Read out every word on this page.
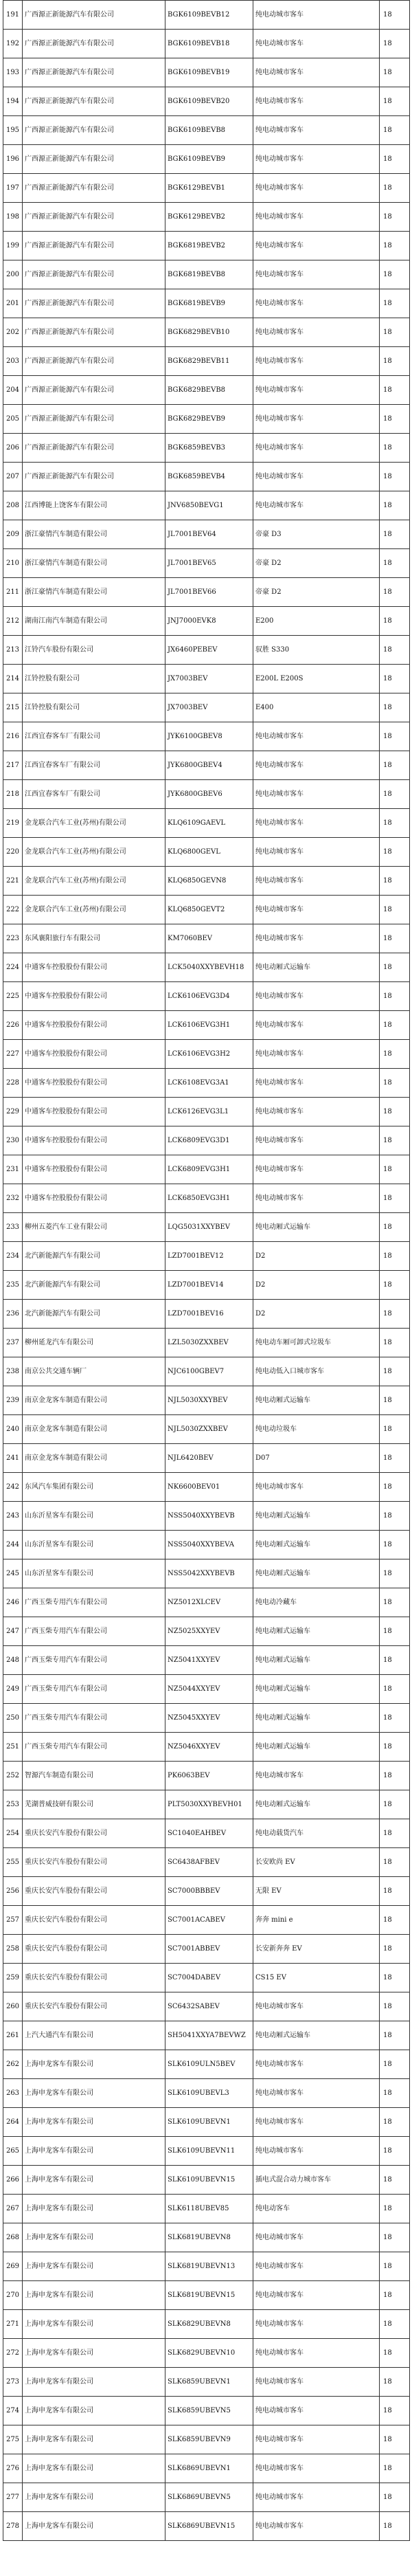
191	广西源正新能源汽车有限公司	BGK6109BEVB12	纯电动城市客车	18
192	广西源正新能源汽车有限公司	BGK6109BEVB18	纯电动城市客车	18
193	广西源正新能源汽车有限公司	BGK6109BEVB19	纯电动城市客车	18
194	广西源正新能源汽车有限公司	BGK6109BEVB20	纯电动城市客车	18
195	广西源正新能源汽车有限公司	BGK6109BEVB8	纯电动城市客车	18
196	广西源正新能源汽车有限公司	BGK6109BEVB9	纯电动城市客车	18
197	广西源正新能源汽车有限公司	BGK6129BEVB1	纯电动城市客车	18
198	广西源正新能源汽车有限公司	BGK6129BEVB2	纯电动城市客车	18
199	广西源正新能源汽车有限公司	BGK6819BEVB2	纯电动城市客车	18
200	广西源正新能源汽车有限公司	BGK6819BEVB8	纯电动城市客车	18
201	广西源正新能源汽车有限公司	BGK6819BEVB9	纯电动城市客车	18
202	广西源正新能源汽车有限公司	BGK6829BEVB10	纯电动城市客车	18
203	广西源正新能源汽车有限公司	BGK6829BEVB11	纯电动城市客车	18
204	广西源正新能源汽车有限公司	BGK6829BEVB8	纯电动城市客车	18
205	广西源正新能源汽车有限公司	BGK6829BEVB9	纯电动城市客车	18
206	广西源正新能源汽车有限公司	BGK6859BEVB3	纯电动城市客车	18
207	广西源正新能源汽车有限公司	BGK6859BEVB4	纯电动城市客车	18
208	江西博能上饶客车有限公司	JNV6850BEVG1	纯电动城市客车	18
209	浙江豪情汽车制造有限公司	JL7001BEV64	帝豪 D3	18
210	浙江豪情汽车制造有限公司	JL7001BEV65	帝豪 D2	18
211	浙江豪情汽车制造有限公司	JL7001BEV66	帝豪 D2	18
212	湖南江南汽车制造有限公司	JNJ7000EVK8	E200	18
213	江铃汽车股份有限公司	JX6460PEBEV	驭胜 S330	18
214	江铃控股有限公司	JX7003BEV	E200L E200S	18
215	江铃控股有限公司	JX7003BEV	E400	18
216	江西宜春客车厂有限公司	JYK6100GBEV8	纯电动城市客车	18
217	江西宜春客车厂有限公司	JYK6800GBEV4	纯电动城市客车	18
218	江西宜春客车厂有限公司	JYK6800GBEV6	纯电动城市客车	18
219	金龙联合汽车工业(苏州)有限公司	KLQ6109GAEVL	纯电动城市客车	18
220	金龙联合汽车工业(苏州)有限公司	KLQ6800GEVL	纯电动城市客车	18
221	金龙联合汽车工业(苏州)有限公司	KLQ6850GEVN8	纯电动城市客车	18
222	金龙联合汽车工业(苏州)有限公司	KLQ6850GEVT2	纯电动城市客车	18
223	东风襄阳旅行车有限公司	KM7060BEV	纯电动城市客车	18
224	中通客车控股股份有限公司	LCK5040XXYBEVH18	纯电动厢式运输车	18
225	中通客车控股股份有限公司	LCK6106EVG3D4	纯电动城市客车	18
226	中通客车控股股份有限公司	LCK6106EVG3H1	纯电动城市客车	18
227	中通客车控股股份有限公司	LCK6106EVG3H2	纯电动城市客车	18
228	中通客车控股股份有限公司	LCK6108EVG3A1	纯电动城市客车	18
229	中通客车控股股份有限公司	LCK6126EVG3L1	纯电动城市客车	18
230	中通客车控股股份有限公司	LCK6809EVG3D1	纯电动城市客车	18
231	中通客车控股股份有限公司	LCK6809EVG3H1	纯电动城市客车	18
232	中通客车控股股份有限公司	LCK6850EVG3H1	纯电动城市客车	18
233	柳州五菱汽车工业有限公司	LQG5031XXYBEV	纯电动厢式运输车	18
234	北汽新能源汽车有限公司	LZD7001BEV12	D2	18
235	北汽新能源汽车有限公司	LZD7001BEV14	D2	18
236	北汽新能源汽车有限公司	LZD7001BEV16	D2	18
237	柳州延龙汽车有限公司	LZL5030ZXXBEV	纯电动车厢可卸式垃圾车	18
238	南京公共交通车辆厂	NJC6100GBEV7	纯电动低入口城市客车	18
239	南京金龙客车制造有限公司	NJL5030XXYBEV	纯电动厢式运输车	18
240	南京金龙客车制造有限公司	NJL5030ZXXBEV	纯电动垃圾车	18
241	南京金龙客车制造有限公司	NJL6420BEV	D07	18
242	东风汽车集团有限公司	NK6600BEV01	纯电动城市客车	18
243	山东沂星客车有限公司	NSS5040XXYBEVB	纯电动厢式运输车	18
244	山东沂星客车有限公司	NSS5040XXYBEVA	纯电动厢式运输车	18
245	山东沂星客车有限公司	NSS5042XXYBEVB	纯电动厢式运输车	18
246	广西玉柴专用汽车有限公司	NZ5012XLCEV	纯电动冷藏车	18
247	广西玉柴专用汽车有限公司	NZ5025XXYEV	纯电动厢式运输车	18
248	广西玉柴专用汽车有限公司	NZ5041XXYEV	纯电动厢式运输车	18
249	广西玉柴专用汽车有限公司	NZ5044XXYEV	纯电动厢式运输车	18
250	广西玉柴专用汽车有限公司	NZ5045XXYEV	纯电动厢式运输车	18
251	广西玉柴专用汽车有限公司	NZ5046XXYEV	纯电动厢式运输车	18
252	智源汽车制造有限公司	PK6063BEV	纯电动城市客车	18
253	芜湖普威技研有限公司	PLT5030XXYBEVH01	纯电动厢式运输车	18
254	重庆长安汽车股份有限公司	SC1040EAHBEV	纯电动载货汽车	18
255	重庆长安汽车股份有限公司	SC6438AFBEV	长安欧尚 EV	18
256	重庆长安汽车股份有限公司	SC7000BBBEV	无限 EV	18
257	重庆长安汽车股份有限公司	SC7001ACABEV	奔奔 mini e	18
258	重庆长安汽车股份有限公司	SC7001ABBEV	长安新奔奔 EV	18
259	重庆长安汽车股份有限公司	SC7004DABEV	CS15 EV	18
260	重庆长安汽车股份有限公司	SC6432SABEV	纯电动城市客车	18
261	上汽大通汽车有限公司	SH5041XXYA7BEVWZ	纯电动厢式运输车	18
262	上海申龙客车有限公司	SLK6109ULN5BEV	纯电动城市客车	18
263	上海申龙客车有限公司	SLK6109UBEVL3	纯电动城市客车	18
264	上海申龙客车有限公司	SLK6109UBEVN1	纯电动城市客车	18
265	上海申龙客车有限公司	SLK6109UBEVN11	纯电动城市客车	18
266	上海申龙客车有限公司	SLK6109UBEVN15	插电式混合动力城市客车	18
267	上海申龙客车有限公司	SLK6118UBEV85	纯电动客车	18
268	上海申龙客车有限公司	SLK6819UBEVN8	纯电动城市客车	18
269	上海申龙客车有限公司	SLK6819UBEVN13	纯电动城市客车	18
270	上海申龙客车有限公司	SLK6819UBEVN15	纯电动城市客车	18
271	上海申龙客车有限公司	SLK6829UBEVN8	纯电动城市客车	18
272	上海申龙客车有限公司	SLK6829UBEVN10	纯电动城市客车	18
273	上海申龙客车有限公司	SLK6859UBEVN1	纯电动城市客车	18
274	上海申龙客车有限公司	SLK6859UBEVN5	纯电动城市客车	18
275	上海申龙客车有限公司	SLK6859UBEVN9	纯电动城市客车	18
276	上海申龙客车有限公司	SLK6869UBEVN1	纯电动城市客车	18
277	上海申龙客车有限公司	SLK6869UBEVN5	纯电动城市客车	18
278	上海申龙客车有限公司	SLK6869UBEVN15	纯电动城市客车	18
